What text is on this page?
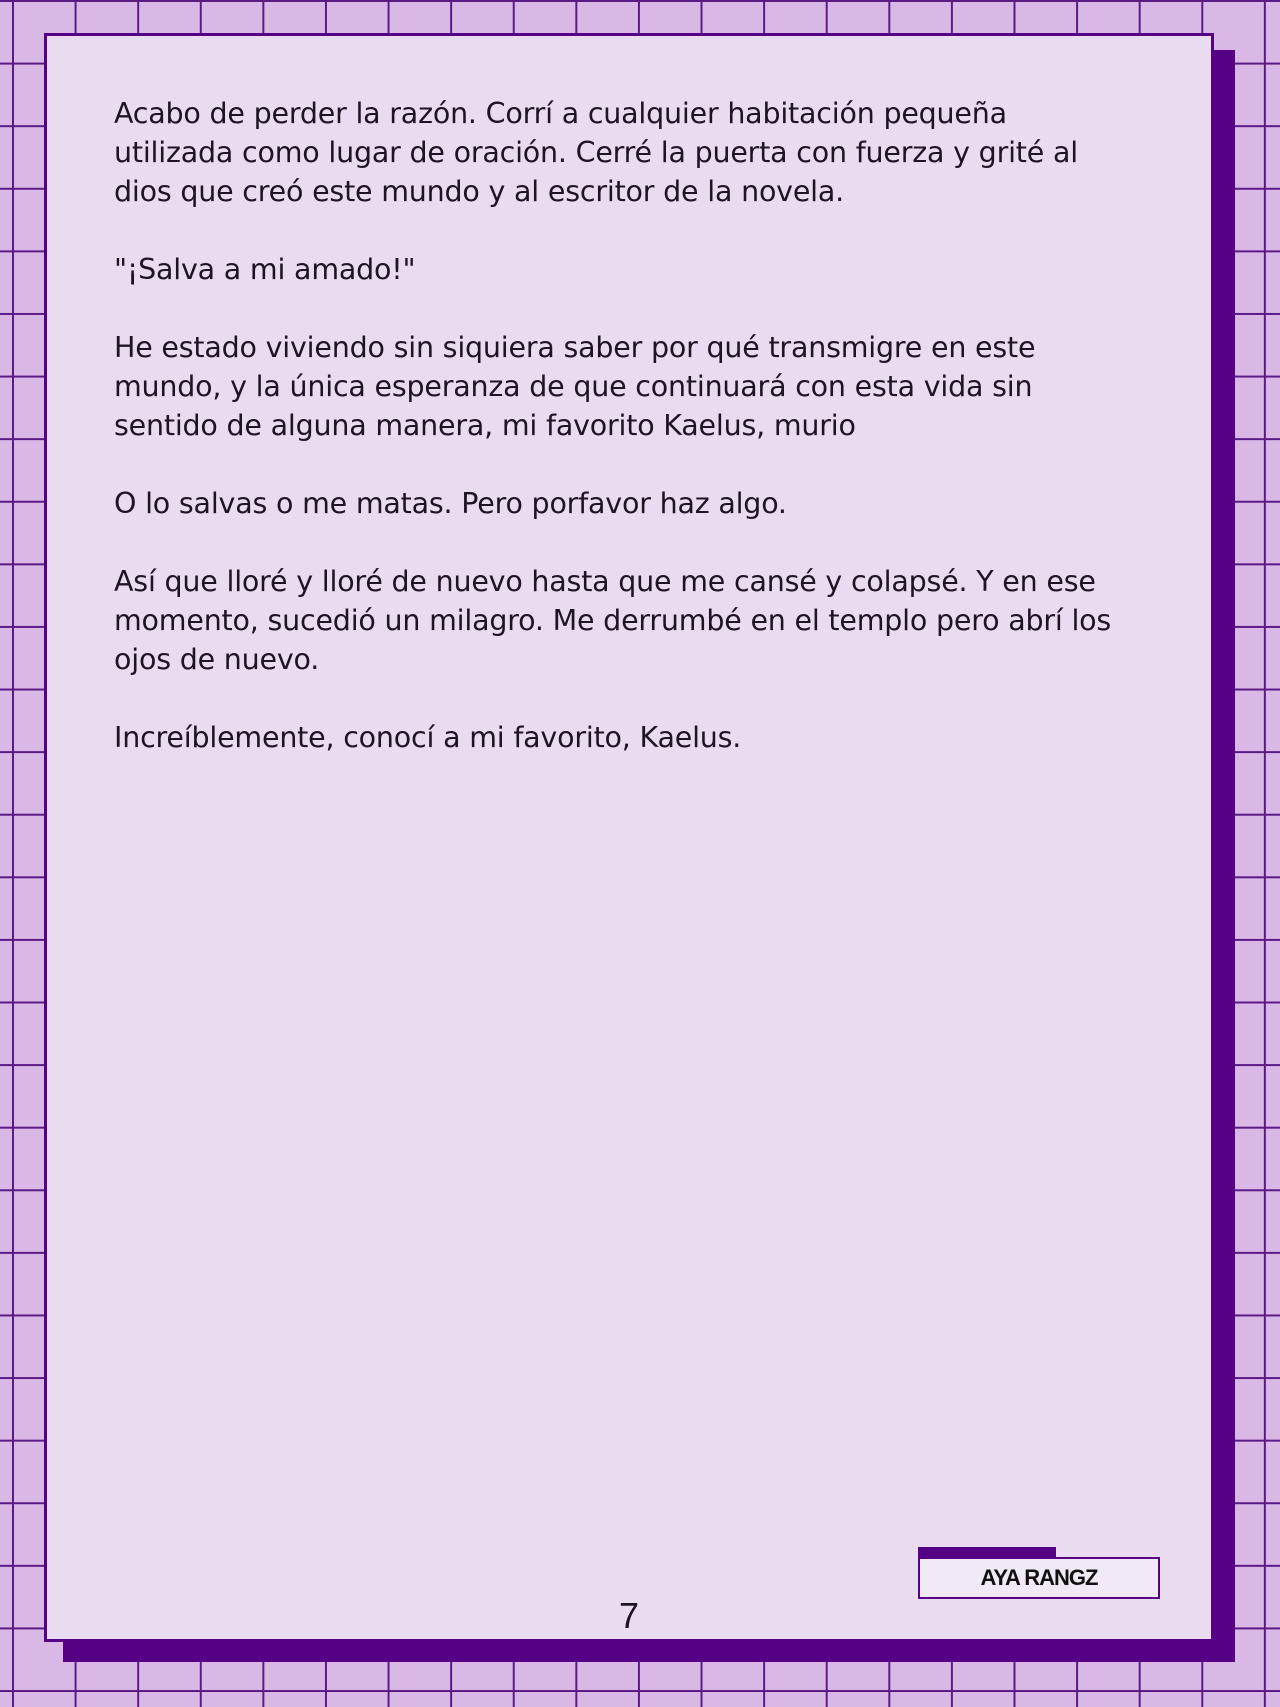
Acabo de perder la razón. Corrí a cualquier habitación pequeña utilizada como lugar de oración. Cerré la puerta con fuerza y grité al dios que creó este mundo y al escritor de la novela.

"¡Salva a mi amado!"

He estado viviendo sin siquiera saber por qué transmigre en este mundo, y la única esperanza de que continuará con esta vida sin sentido de alguna manera, mi favorito Kaelus, murio

O lo salvas o me matas. Pero porfavor haz algo.

Así que lloré y lloré de nuevo hasta que me cansé y colapsé. Y en ese momento, sucedió un milagro. Me derrumbé en el templo pero abrí los ojos de nuevo.

Increíblemente, conocí a mi favorito, Kaelus.

7
AYA RANGZ
